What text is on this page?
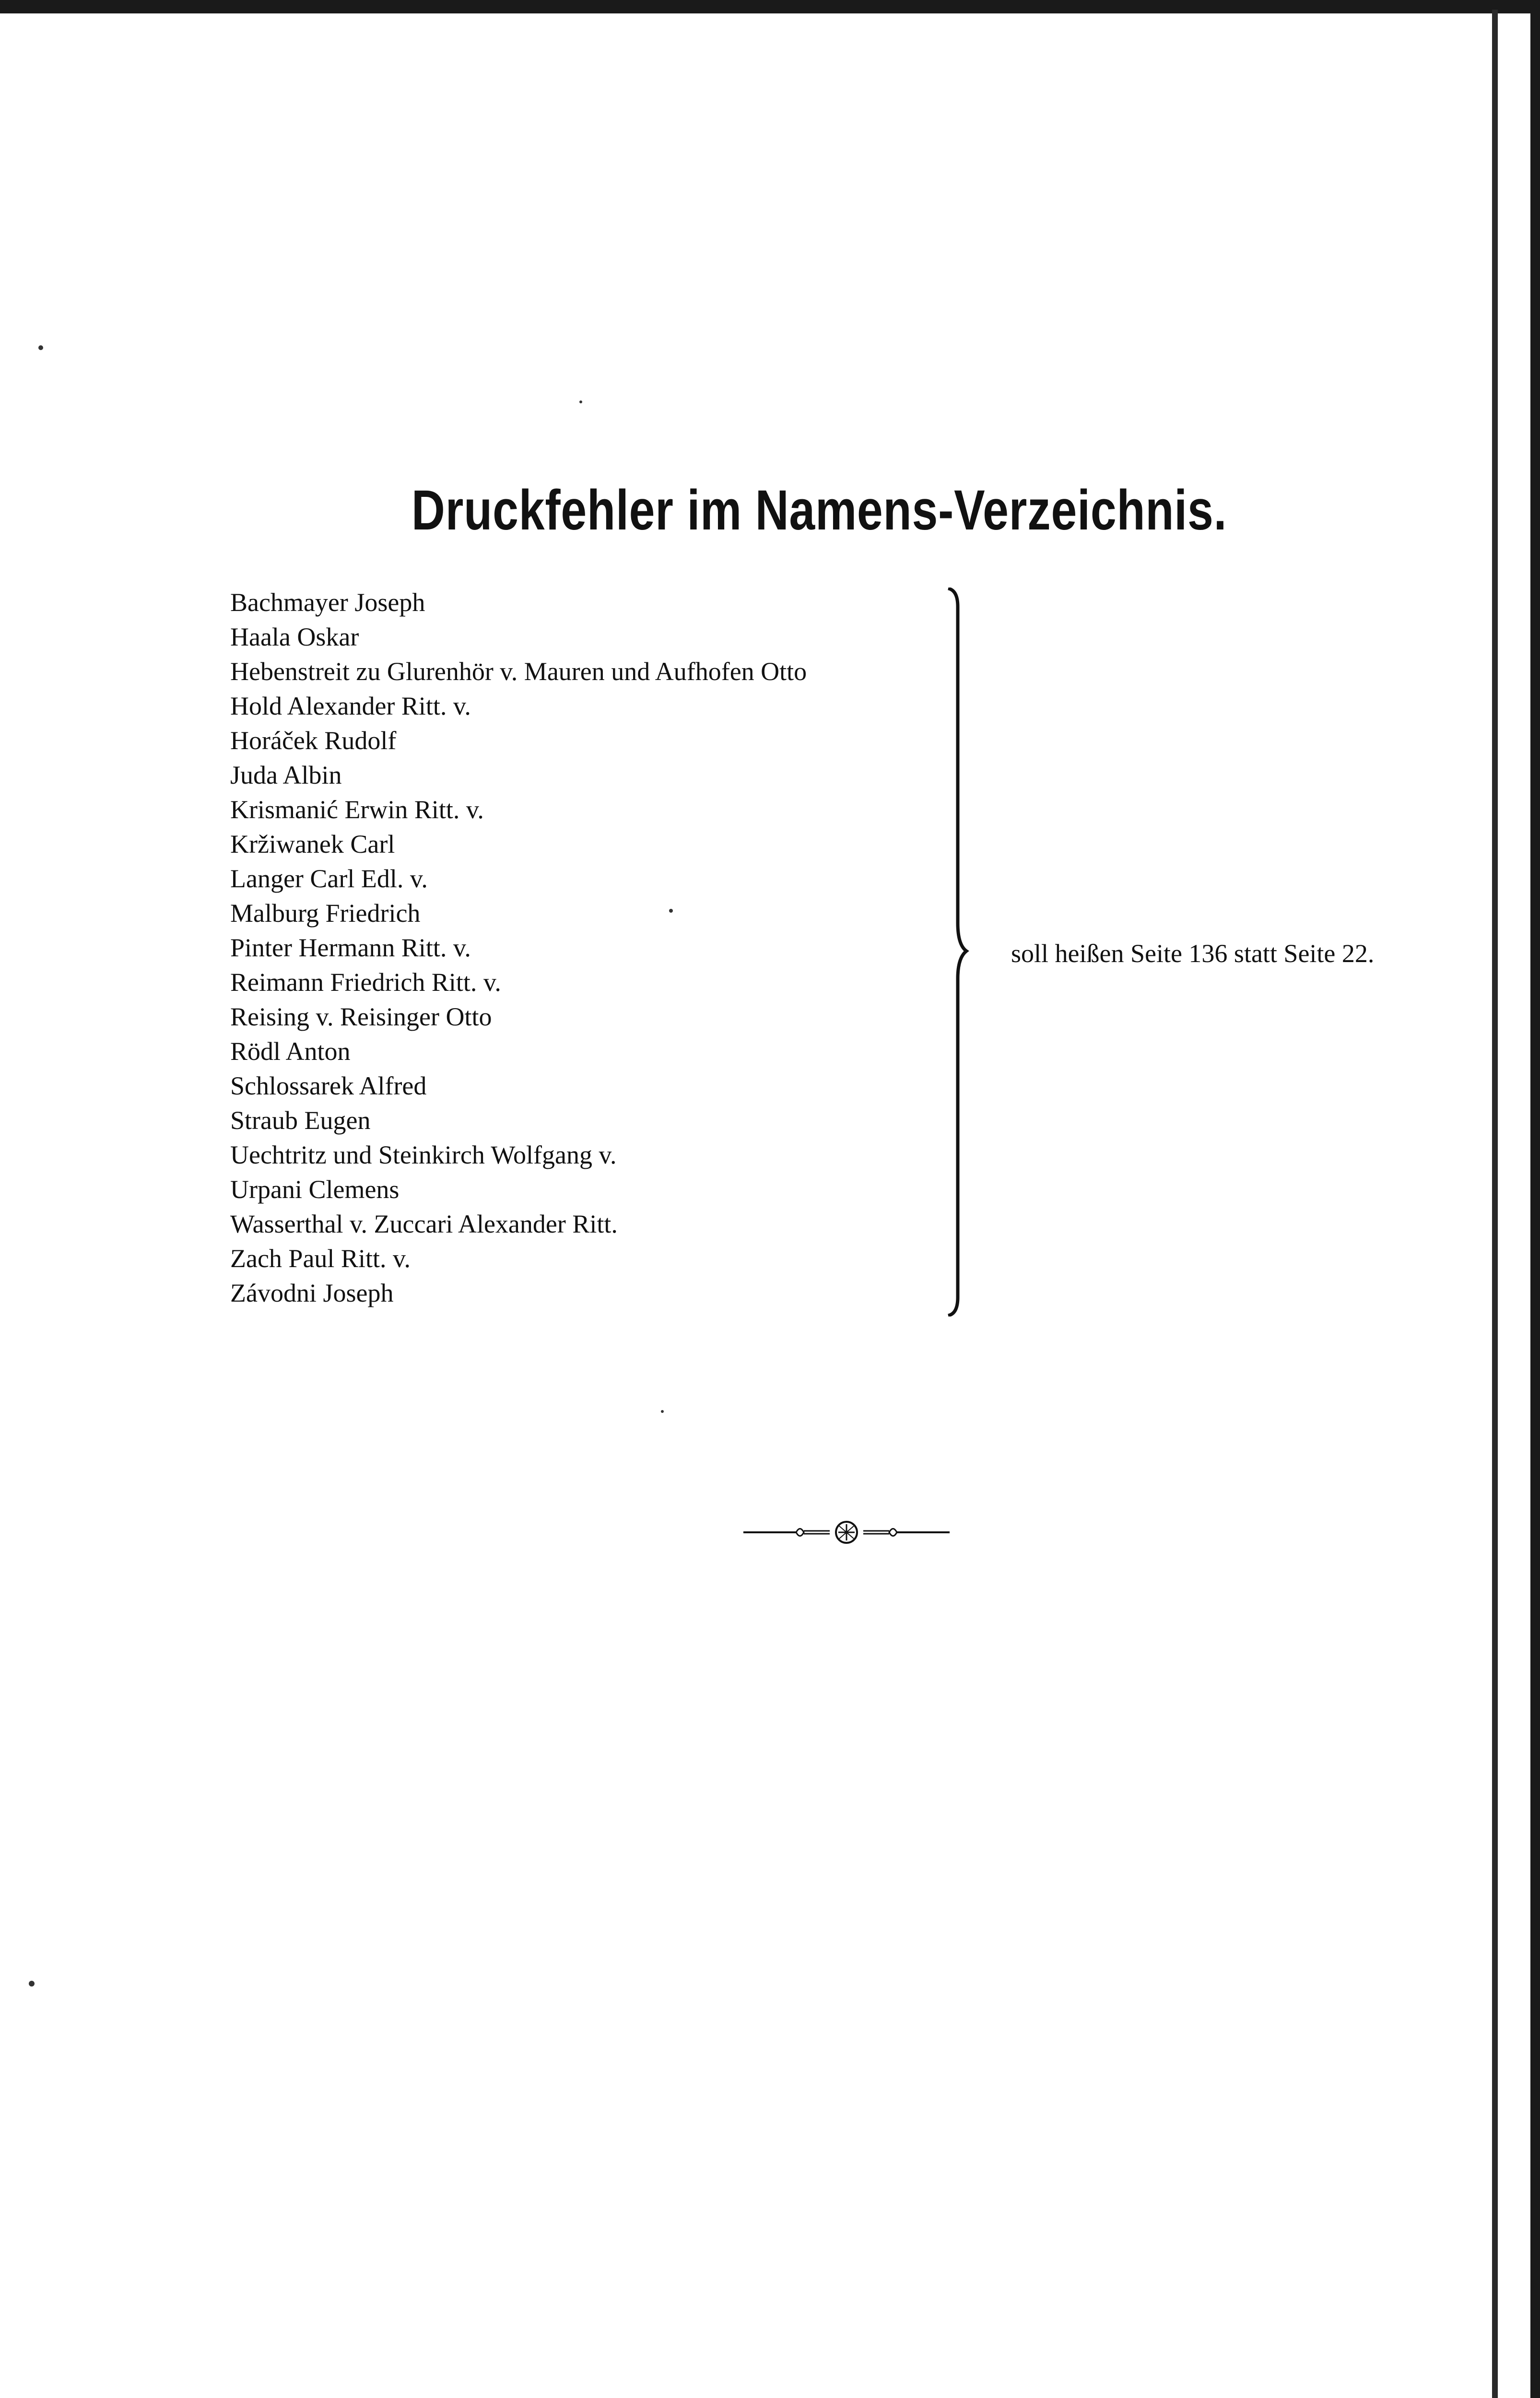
Druckfehler im Namens-Verzeichnis.
Bachmayer Joseph
Haala Oskar
Hebenstreit zu Glurenhör v. Mauren und Aufhofen Otto
Hold Alexander Ritt. v.
Horáček Rudolf
Juda Albin
Krismanić Erwin Ritt. v.
Kržiwanek Carl
Langer Carl Edl. v.
Malburg Friedrich
Pinter Hermann Ritt. v.
Reimann Friedrich Ritt. v.
Reising v. Reisinger Otto
Rödl Anton
Schlossarek Alfred
Straub Eugen
Uechtritz und Steinkirch Wolfgang v.
Urpani Clemens
Wasserthal v. Zuccari Alexander Ritt.
Zach Paul Ritt. v.
Závodni Joseph
soll heißen Seite 136 statt Seite 22.
